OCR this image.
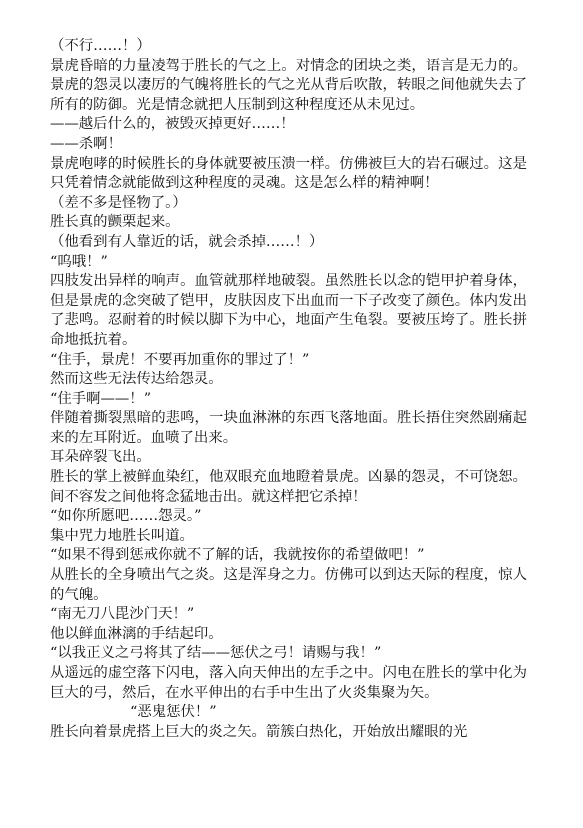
（不行……！）

景虎昏暗的力量凌驾于胜长的气之上。对情念的团块之类，语言是无力的。景虎的怨灵以凄厉的气魄将胜长的气之光从背后吹散，转眼之间他就失去了所有的防御。光是情念就把人压制到这种程度还从未见过。

——越后什么的，被毁灭掉更好……！

——杀啊！

景虎咆哮的时候胜长的身体就要被压溃一样。仿佛被巨大的岩石碾过。这是只凭着情念就能做到这种程度的灵魂。这是怎么样的精神啊！

（差不多是怪物了。）

胜长真的颤栗起来。

（他看到有人靠近的话，就会杀掉……！）

“呜哦！”

四肢发出异样的响声。血管就那样地破裂。虽然胜长以念的铠甲护着身体，但是景虎的念突破了铠甲，皮肤因皮下出血而一下子改变了颜色。体内发出了悲鸣。忍耐着的时候以脚下为中心，地面产生龟裂。要被压垮了。胜长拼命地抵抗着。

“住手，景虎！不要再加重你的罪过了！”

然而这些无法传达给怨灵。

“住手啊——！”

伴随着撕裂黑暗的悲鸣，一块血淋淋的东西飞落地面。胜长捂住突然剧痛起来的左耳附近。血喷了出来。

耳朵碎裂飞出。

胜长的掌上被鲜血染红，他双眼充血地瞪着景虎。凶暴的怨灵，不可饶恕。间不容发之间他将念猛地击出。就这样把它杀掉！

“如你所愿吧……怨灵。”

集中咒力地胜长叫道。

“如果不得到惩戒你就不了解的话，我就按你的希望做吧！”

从胜长的全身喷出气之炎。这是浑身之力。仿佛可以到达天际的程度，惊人的气魄。

“南无刀八毘沙门天！”

他以鲜血淋漓的手结起印。

“以我正义之弓将其了结——惩伏之弓！请赐与我！”

从遥远的虚空落下闪电，落入向天伸出的左手之中。闪电在胜长的掌中化为巨大的弓，然后，在水平伸出的右手中生出了火炎集聚为矢。

“恶鬼惩伏！”

胜长向着景虎搭上巨大的炎之矢。箭簇白热化，开始放出耀眼的光
